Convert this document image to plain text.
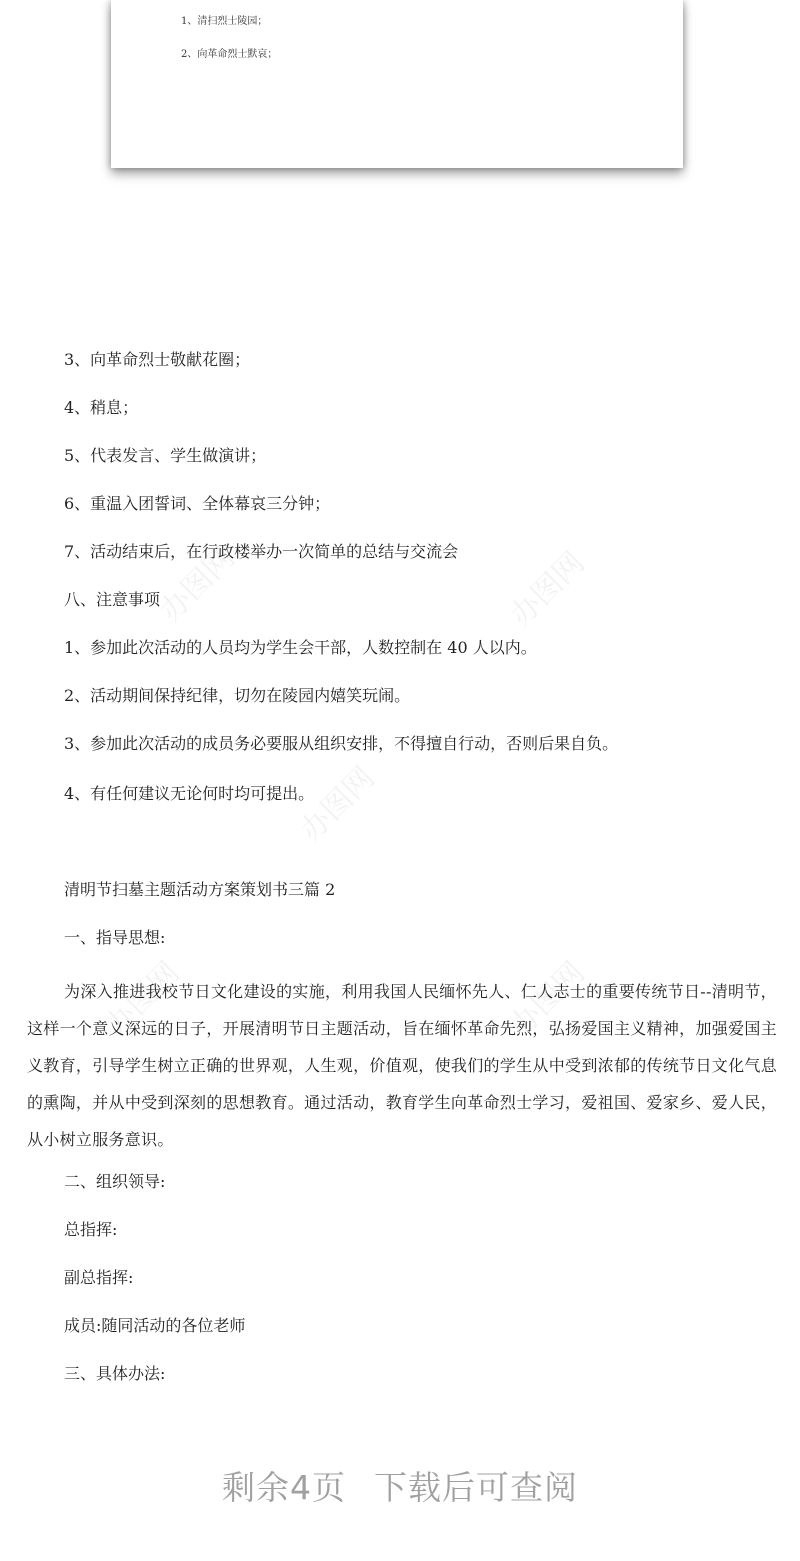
1、清扫烈士陵园；
2、向革命烈士默哀；
办图网	办图网
办图网
办图网
办图网
3、向革命烈士敬献花圈；
4、稍息；
5、代表发言、学生做演讲；
6、重温入团誓词、全体幕哀三分钟；
7、活动结束后，在行政楼举办一次简单的总结与交流会
八、注意事项
1、参加此次活动的人员均为学生会干部，人数控制在 40 人以内。
2、活动期间保持纪律，切勿在陵园内嬉笑玩闹。
3、参加此次活动的成员务必要服从组织安排，不得擅自行动，否则后果自负。
4、有任何建议无论何时均可提出。
清明节扫墓主题活动方案策划书三篇 2
一、指导思想:
为深入推进我校节日文化建设的实施，利用我国人民缅怀先人、仁人志士的重要传统节日--清明节，这样一个意义深远的日子，开展清明节日主题活动，旨在缅怀革命先烈，弘扬爱国主义精神，加强爱国主义教育，引导学生树立正确的世界观，人生观，价值观，使我们的学生从中受到浓郁的传统节日文化气息的熏陶，并从中受到深刻的思想教育。通过活动，教育学生向革命烈士学习，爱祖国、爱家乡、爱人民，从小树立服务意识。
二、组织领导:
总指挥:
副总指挥:
成员:随同活动的各位老师
三、具体办法:
剩余4页 下载后可查阅
